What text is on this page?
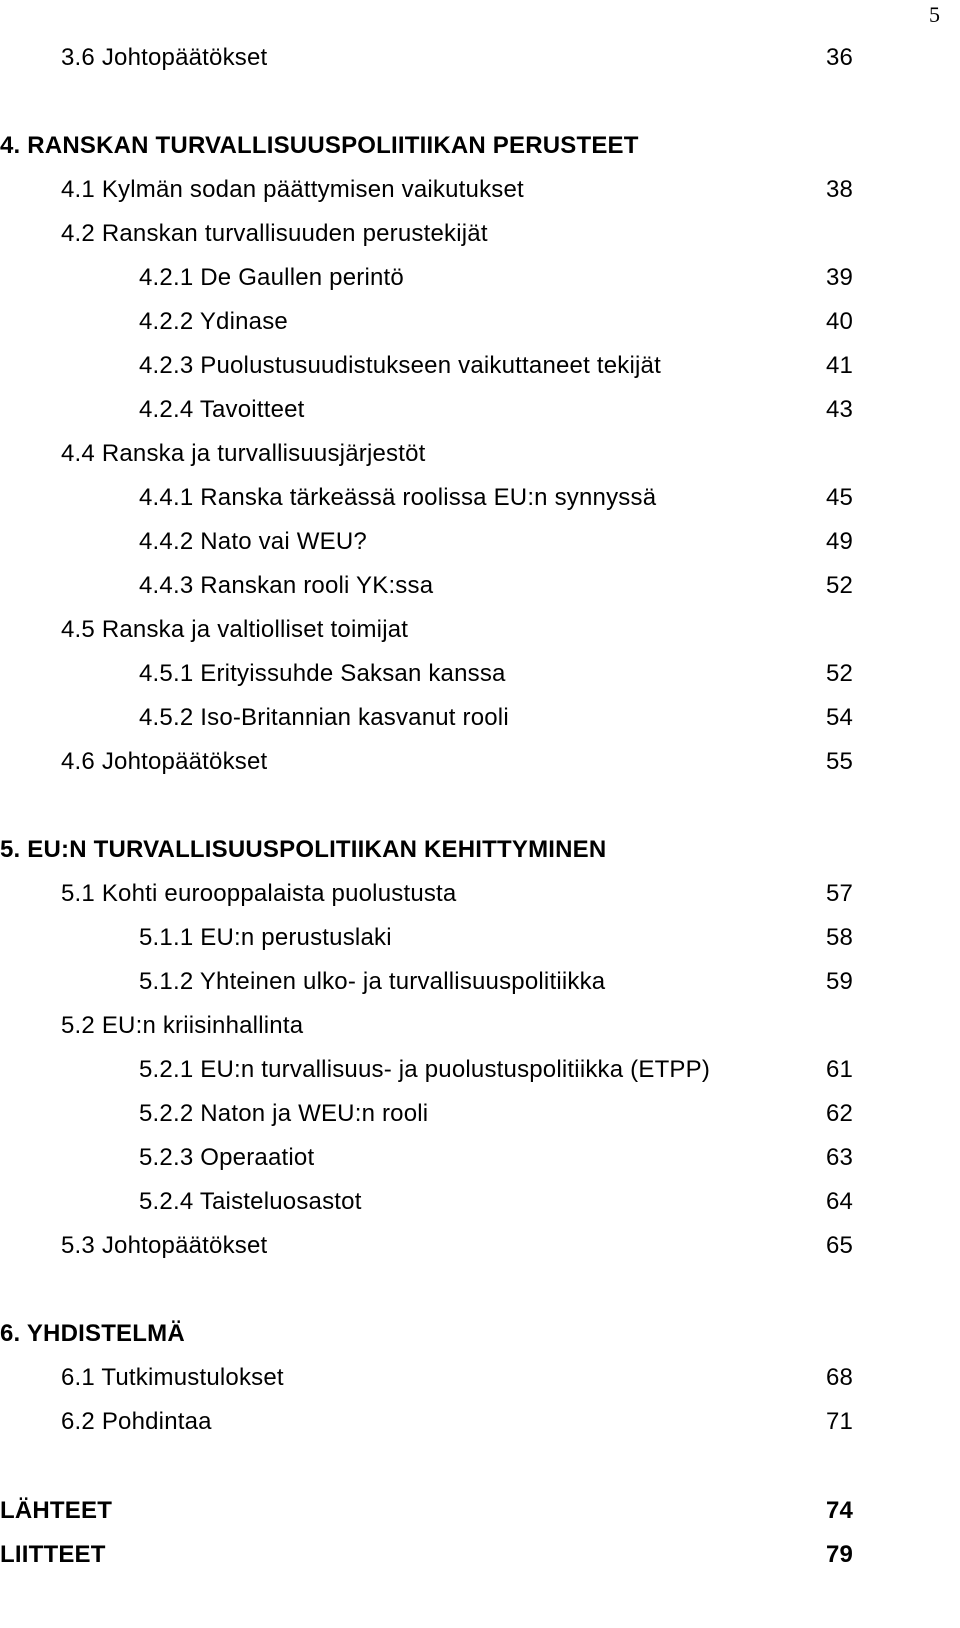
5
3.6 Johtopäätökset	36
4. RANSKAN TURVALLISUUSPOLIITIIKAN PERUSTEET
4.1 Kylmän sodan päättymisen vaikutukset	38
4.2 Ranskan turvallisuuden perustekijät
4.2.1 De Gaullen perintö	39
4.2.2 Ydinase	40
4.2.3 Puolustusuudistukseen vaikuttaneet tekijät	41
4.2.4 Tavoitteet	43
4.4 Ranska ja turvallisuusjärjestöt
4.4.1 Ranska tärkeässä roolissa EU:n synnyssä	45
4.4.2 Nato vai WEU?	49
4.4.3 Ranskan rooli YK:ssa	52
4.5 Ranska ja valtiolliset toimijat
4.5.1 Erityissuhde Saksan kanssa	52
4.5.2 Iso-Britannian kasvanut rooli	54
4.6 Johtopäätökset	55
5. EU:N TURVALLISUUSPOLITIIKAN KEHITTYMINEN
5.1 Kohti eurooppalaista puolustusta	57
5.1.1 EU:n perustuslaki	58
5.1.2 Yhteinen ulko- ja turvallisuuspolitiikka	59
5.2 EU:n kriisinhallinta
5.2.1 EU:n turvallisuus- ja puolustuspolitiikka (ETPP)	61
5.2.2 Naton ja WEU:n rooli	62
5.2.3 Operaatiot	63
5.2.4 Taisteluosastot	64
5.3 Johtopäätökset	65
6. YHDISTELMÄ
6.1 Tutkimustulokset	68
6.2 Pohdintaa	71
LÄHTEET	74
LIITTEET	79
